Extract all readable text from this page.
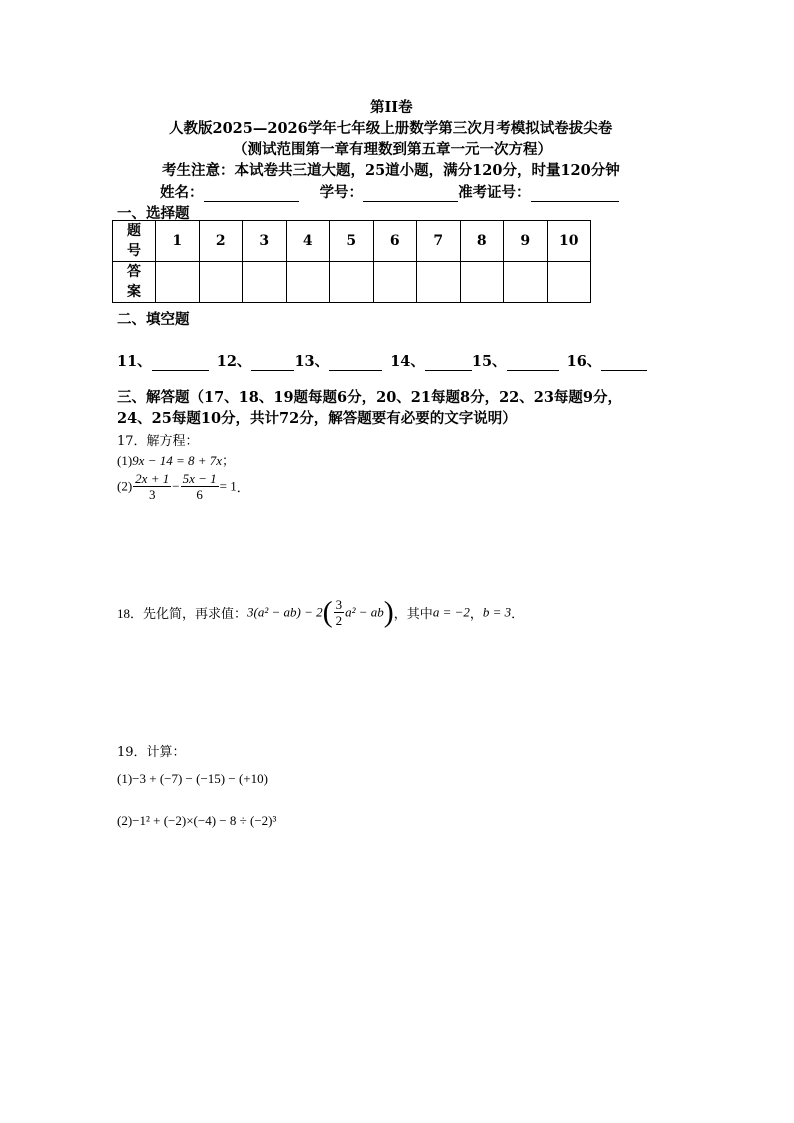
第II卷
人教版2025—2026学年七年级上册数学第三次月考模拟试卷拔尖卷
（测试范围第一章有理数到第五章一元一次方程）
考生注意：本试卷共三道大题，25道小题，满分120分，时量120分钟
姓名：	学号：	准考证号：
一、选择题
题号	1	2	3	4	5	6	7	8	9	10

答案										

二、填空题
11、	12、	13、	14、	15、	16、
三、解答题（17、18、19题每题6分，20、21每题8分，22、23每题9分，
24、25每题10分，共计72分，解答题要有必要的文字说明）
17．解方程：
(1)9x − 14 = 8 + 7x；
$(2) \frac{2x + 1}{3} - \frac{5x - 1}{6} = 1$．
18．先化简，再求值：$3(a^2 - ab) - 2( \frac{3}{2} a^2 - ab)$，其中a = −2，b = 3．
19．计算：
(1)−3 + (−7) − (−15) − (+10)
(2)−1² + (−2)×(−4) − 8 ÷ (−2)³
